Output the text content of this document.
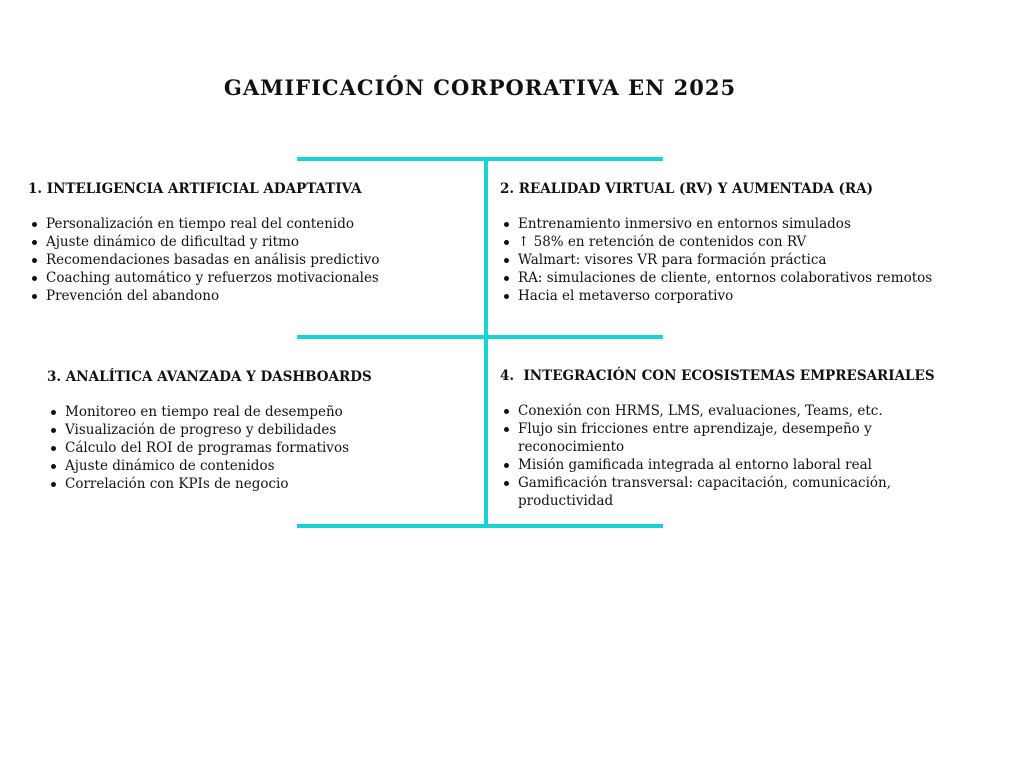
GAMIFICACIÓN CORPORATIVA EN 2025
1. INTELIGENCIA ARTIFICIAL ADAPTATIVA
Personalización en tiempo real del contenido
Ajuste dinámico de dificultad y ritmo
Recomendaciones basadas en análisis predictivo
Coaching automático y refuerzos motivacionales
Prevención del abandono
2. REALIDAD VIRTUAL (RV) Y AUMENTADA (RA)
Entrenamiento inmersivo en entornos simulados
↑ 58% en retención de contenidos con RV
Walmart: visores VR para formación práctica
RA: simulaciones de cliente, entornos colaborativos remotos
Hacia el metaverso corporativo
3. ANALÍTICA AVANZADA Y DASHBOARDS
Monitoreo en tiempo real de desempeño
Visualización de progreso y debilidades
Cálculo del ROI de programas formativos
Ajuste dinámico de contenidos
Correlación con KPIs de negocio
4.  INTEGRACIÓN CON ECOSISTEMAS EMPRESARIALES
Conexión con HRMS, LMS, evaluaciones, Teams, etc.
Flujo sin fricciones entre aprendizaje, desempeño y reconocimiento
Misión gamificada integrada al entorno laboral real
Gamificación transversal: capacitación, comunicación, productividad
